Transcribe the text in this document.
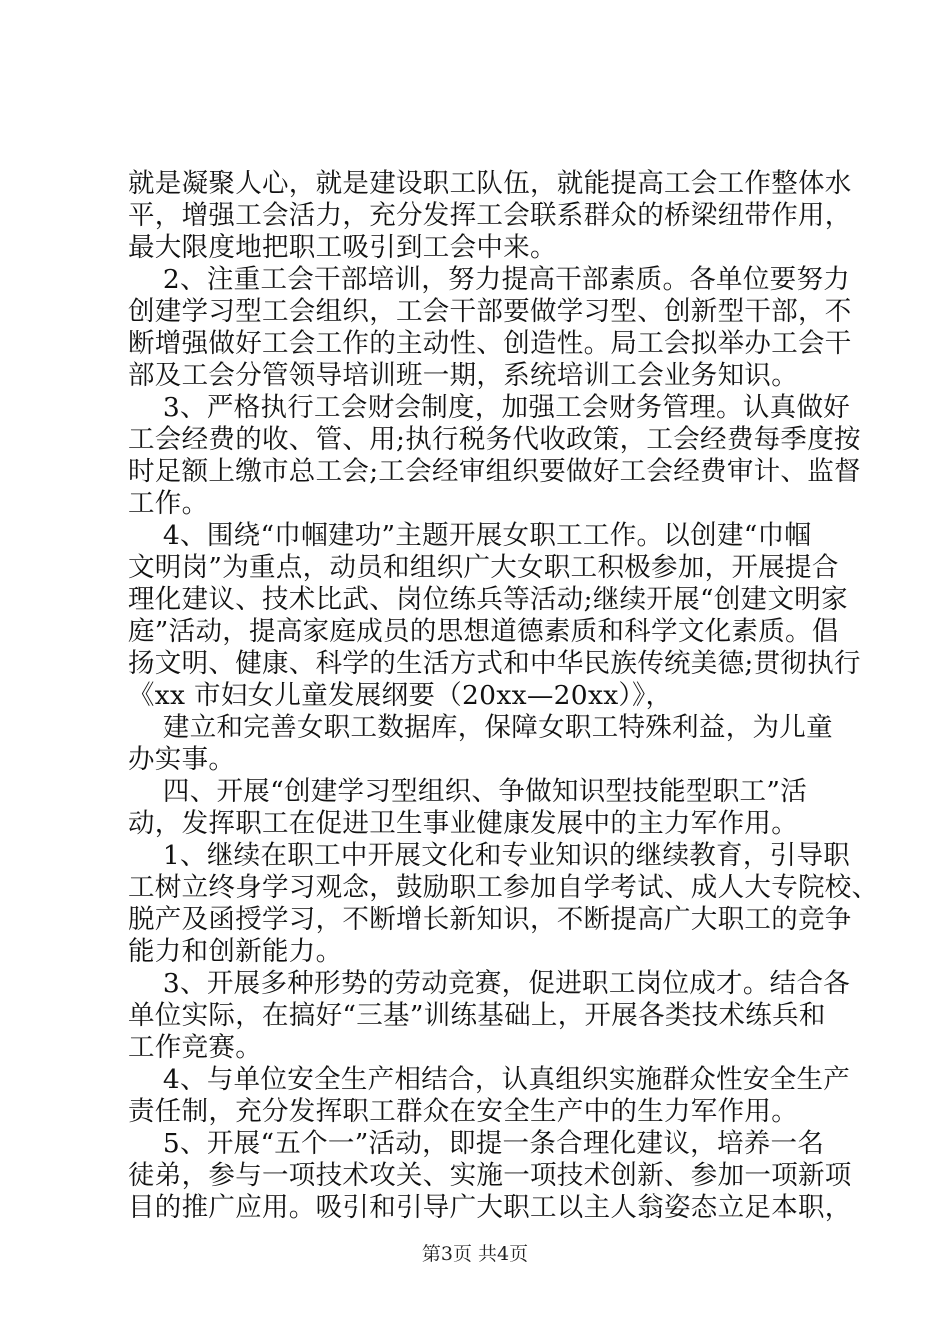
就是凝聚人心，就是建设职工队伍，就能提高工会工作整体水
平，增强工会活力，充分发挥工会联系群众的桥梁纽带作用，
最大限度地把职工吸引到工会中来。
2、注重工会干部培训，努力提高干部素质。各单位要努力
创建学习型工会组织，工会干部要做学习型、创新型干部，不
断增强做好工会工作的主动性、创造性。局工会拟举办工会干
部及工会分管领导培训班一期，系统培训工会业务知识。
3、严格执行工会财会制度，加强工会财务管理。认真做好
工会经费的收、管、用;执行税务代收政策，工会经费每季度按
时足额上缴市总工会;工会经审组织要做好工会经费审计、监督
工作。
4、围绕“巾帼建功”主题开展女职工工作。以创建“巾帼
文明岗”为重点，动员和组织广大女职工积极参加，开展提合
理化建议、技术比武、岗位练兵等活动;继续开展“创建文明家
庭”活动，提高家庭成员的思想道德素质和科学文化素质。倡
扬文明、健康、科学的生活方式和中华民族传统美德;贯彻执行
《xx 市妇女儿童发展纲要（20xx—20xx）》，
建立和完善女职工数据库，保障女职工特殊利益，为儿童
办实事。
四、开展“创建学习型组织、争做知识型技能型职工”活
动，发挥职工在促进卫生事业健康发展中的主力军作用。
1、继续在职工中开展文化和专业知识的继续教育，引导职
工树立终身学习观念，鼓励职工参加自学考试、成人大专院校、
脱产及函授学习，不断增长新知识，不断提高广大职工的竞争
能力和创新能力。
3、开展多种形势的劳动竞赛，促进职工岗位成才。结合各
单位实际，在搞好“三基”训练基础上，开展各类技术练兵和
工作竞赛。
4、与单位安全生产相结合，认真组织实施群众性安全生产
责任制，充分发挥职工群众在安全生产中的生力军作用。
5、开展“五个一”活动，即提一条合理化建议，培养一名
徒弟，参与一项技术攻关、实施一项技术创新、参加一项新项
目的推广应用。吸引和引导广大职工以主人翁姿态立足本职，
第3页 共4页
